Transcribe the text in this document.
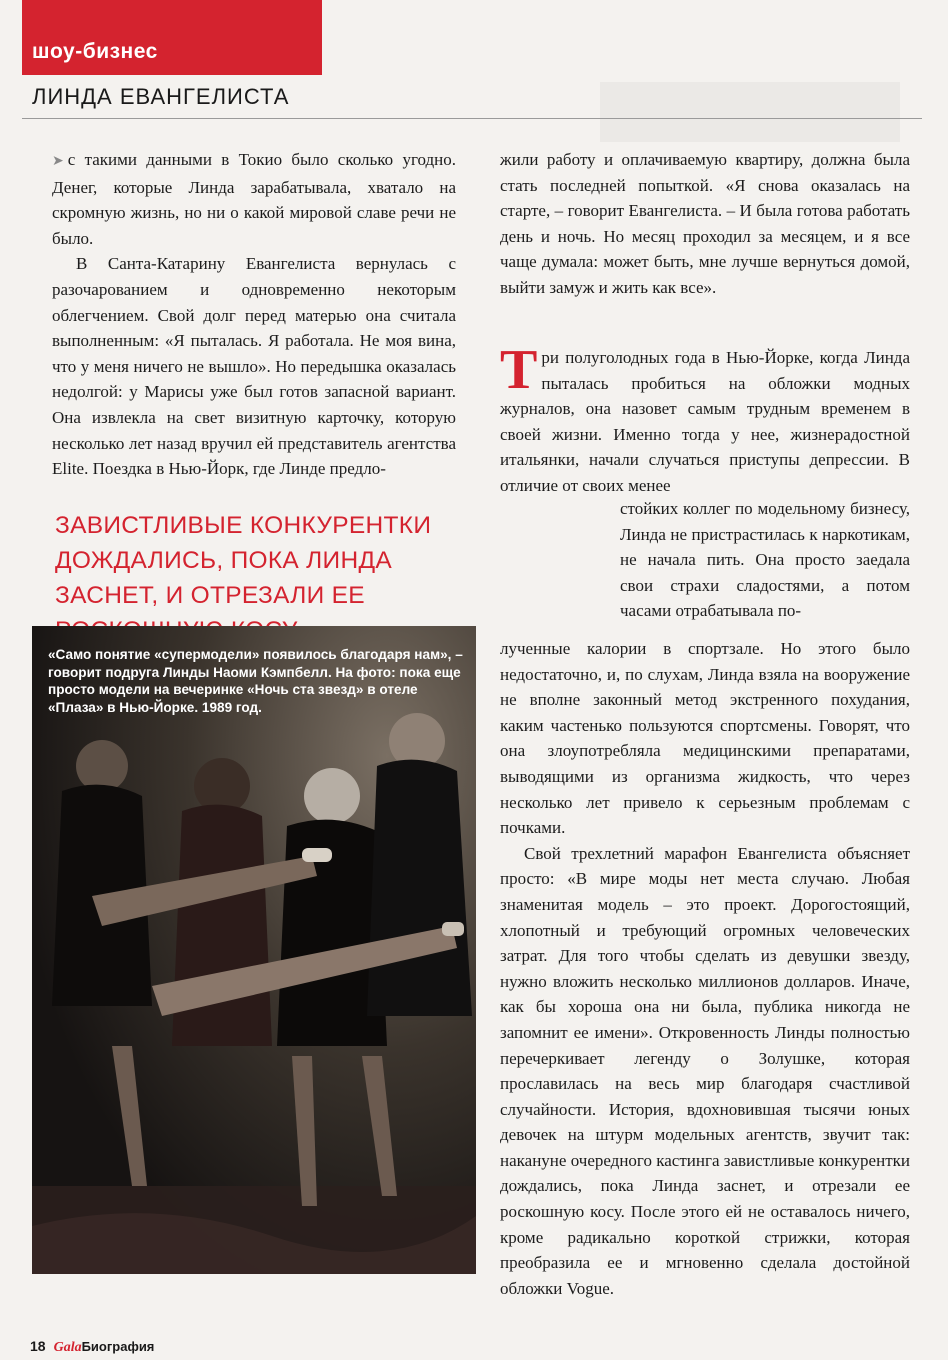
шоу-бизнес
ЛИНДА ЕВАНГЕЛИСТА

➤ с такими данными в Токио было сколько угодно. Денег, которые Линда зарабатывала, хватало на скромную жизнь, но ни о какой мировой славе речи не было.

В Санта-Катарину Евангелиста вернулась с разочарованием и одновременно некоторым облегчением. Свой долг перед матерью она считала выполненным: «Я пыталась. Я работала. Не моя вина, что у меня ничего не вышло». Но передышка оказалась недолгой: у Марисы уже был готов запасной вариант. Она извлекла на свет визитную карточку, которую несколько лет назад вручил ей представитель агентства Elite. Поездка в Нью-Йорк, где Линде предло-

ЗАВИСТЛИВЫЕ КОНКУРЕНТКИ ДОЖДАЛИСЬ, ПОКА ЛИНДА ЗАСНЕТ, И ОТРЕЗАЛИ ЕЕ
«Само понятие «супермодели» появилось благодаря нам», – говорит подруга Линды Наоми Кэмпбелл. На фото: пока еще просто модели на вечеринке «Ночь ста звезд» в отеле «Плаза» в Нью-Йорке. 1989 год.

жили работу и оплачиваемую квартиру, должна была стать последней попыткой. «Я снова оказалась на старте, – говорит Евангелиста. – И была готова работать день и ночь. Но месяц проходил за месяцем, и я все чаще думала: может быть, мне лучше вернуться домой, выйти замуж и жить как все».

Три полуголодных года в Нью-Йорке, когда Линда пыталась пробиться на обложки модных журналов, она назовет самым трудным временем в своей жизни. Именно тогда у нее, жизнерадостной итальянки, начали случаться приступы депрессии. В отличие от своих менее

стойких коллег по модельному бизнесу, Линда не пристрастилась к наркотикам, не начала пить. Она просто заедала свои страхи сладостями, а потом часами отрабатывала по-

лученные калории в спортзале. Но этого было недостаточно, и, по слухам, Линда взяла на вооружение не вполне законный метод экстренного похудания, каким частенько пользуются спортсмены. Говорят, что она злоупотребляла медицинскими препаратами, выводящими из организма жидкость, что через несколько лет привело к серьезным проблемам с почками.

Свой трехлетний марафон Евангелиста объясняет просто: «В мире моды нет места случаю. Любая знаменитая модель – это проект. Дорогостоящий, хлопотный и требующий огромных человеческих затрат. Для того чтобы сделать из девушки звезду, нужно вложить несколько миллионов долларов. Иначе, как бы хороша она ни была, публика никогда не запомнит ее имени». Откровенность Линды полностью перечеркивает легенду о Золушке, которая прославилась на весь мир благодаря счастливой случайности. История, вдохновившая тысячи юных девочек на штурм модельных агентств, звучит так: накануне очередного кастинга завистливые конкурентки дождались, пока Линда заснет, и отрезали ее роскошную косу. После этого ей не оставалось ничего, кроме радикально короткой стрижки, которая преобразила ее и мгновенно сделала достойной обложки Vogue.

18 GalaБиография
